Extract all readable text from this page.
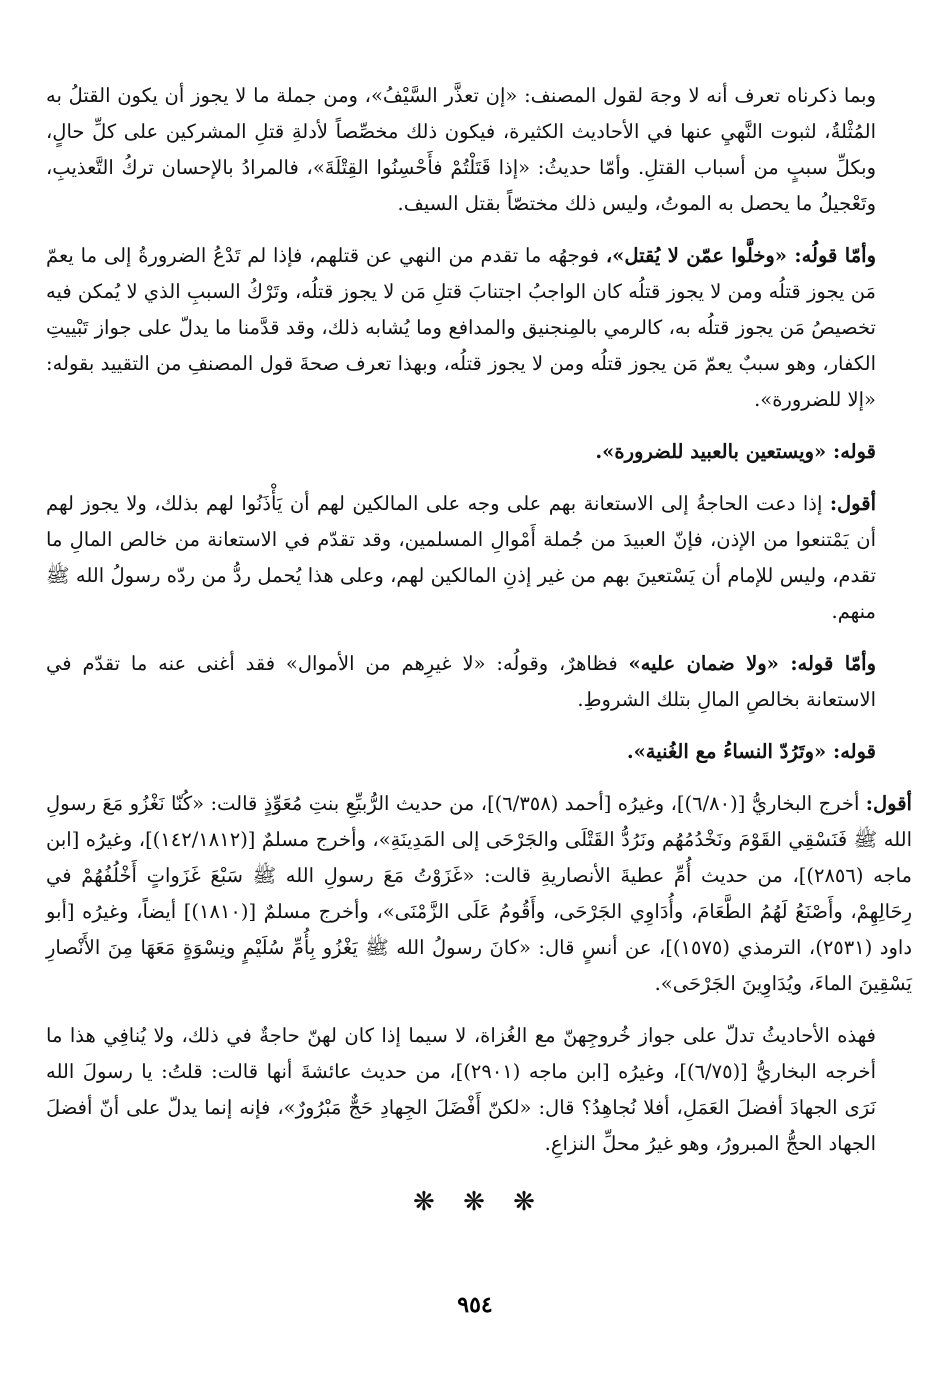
وبما ذكرناه تعرف أنه لا وجهَ لقول المصنف: «إن تعذَّر السَّيْفُ»، ومن جملة ما لا يجوز أن يكون القتلُ به المُثْلةُ، لثبوت النَّهيِ عنها في الأحاديث الكثيرة، فيكون ذلك مخصِّصاً لأدلةِ قتلِ المشركين على كلِّ حالٍ، وبكلِّ سببٍ من أسباب القتلِ. وأمّا حديثُ: «إذا قَتَلْتُمْ فأَحْسِنُوا القِتْلَةَ»، فالمرادُ بالإحسان تركُ التَّعذيبِ، وتَعْجيلُ ما يحصل به الموتُ، وليس ذلك مختصّاً بقتل السيف.
وأمّا قولُه: «وخلَّوا عمّن لا يُقتل»، فوجهُه ما تقدم من النهي عن قتلهم، فإذا لم تَدْعُ الضرورةُ إلى ما يعمّ مَن يجوز قتلُه ومن لا يجوز قتلُه كان الواجبُ اجتنابَ قتلِ مَن لا يجوز قتلُه، وتَرْكُ السببِ الذي لا يُمكن فيه تخصيصُ مَن يجوز قتلُه به، كالرمي بالمِنجنيق والمدافع وما يُشابه ذلك، وقد قدَّمنا ما يدلّ على جواز تَبْييتِ الكفار، وهو سببٌ يعمّ مَن يجوز قتلُه ومن لا يجوز قتلُه، وبهذا تعرف صحةَ قول المصنفِ من التقييد بقوله: «إلا للضرورة».
قوله: «ويستعين بالعبيد للضرورة».
أقول: إذا دعت الحاجةُ إلى الاستعانة بهم على وجه على المالكين لهم أن يَأْذَنُوا لهم بذلك، ولا يجوز لهم أن يَمْتنعوا من الإذن، فإنّ العبيدَ من جُملة أَمْوالِ المسلمين، وقد تقدّم في الاستعانة من خالص المالِ ما تقدم، وليس للإمام أن يَسْتعينَ بهم من غير إذنِ المالكين لهم، وعلى هذا يُحمل ردُّ من ردّه رسولُ الله ﷺ منهم.
وأمّا قوله: «ولا ضمان عليه» فظاهرٌ، وقولُه: «لا غيرِهم من الأموال» فقد أغنى عنه ما تقدّم في الاستعانة بخالصِ المالِ بتلك الشروطِ.
قوله: «وتَرُدّ النساءُ مع الغُنية».
أقول: أخرج البخاريُّ [(٦/٨٠)]، وغيرُه [أحمد (٦/٣٥٨)]، من حديث الرُّبيِّعِ بنتِ مُعَوِّذٍ قالت: «كُنّا نَغْزُو مَعَ رسولِ الله ﷺ فَنَسْقِي القَوْمَ ونَخْدُمُهُم ونَرُدُّ القَتْلَى والجَرْحَى إلى المَدِينَةِ»، وأخرج مسلمٌ [(١٤٢/١٨١٢)]، وغيرُه [ابن ماجه (٢٨٥٦)]، من حديث أُمِّ عطيةَ الأنصاريةِ قالت: «غَزَوْتُ مَعَ رسولِ الله ﷺ سَبْعَ غَزَواتٍ أَخْلُفُهُمْ في رِحَالِهِمْ، وأَصْنَعُ لَهُمُ الطَّعَامَ، وأُدَاوِي الجَرْحَى، وأَقُومُ عَلَى الزَّمْنَى»، وأخرج مسلمٌ [(١٨١٠)] أيضاً، وغيرُه [أبو داود (٢٥٣١)، الترمذي (١٥٧٥)]، عن أنسٍ قال: «كانَ رسولُ الله ﷺ يَغْزُو بِأُمِّ سُلَيْمٍ ونِسْوَةٍ مَعَهَا مِنَ الأَنْصارِ يَسْقِينَ الماءَ، ويُدَاوِينَ الجَرْحَى».
فهذه الأحاديثُ تدلّ على جواز خُروجِهنّ مع الغُزاة، لا سيما إذا كان لهنّ حاجةٌ في ذلك، ولا يُنافِي هذا ما أخرجه البخاريُّ [(٦/٧٥)]، وغيرُه [ابن ماجه (٢٩٠١)]، من حديث عائشةَ أنها قالت: قلتُ: يا رسولَ الله نَرَى الجهادَ أفضلَ العَمَلِ، أفلا نُجاهِدُ؟ قال: «لكنّ أَفْضَلَ الجِهادِ حَجٌّ مَبْرُورٌ»، فإنه إنما يدلّ على أنّ أفضلَ الجهاد الحجُّ المبرورُ، وهو غيرُ محلِّ النزاعِ.
❋ ❋ ❋
٩٥٤
